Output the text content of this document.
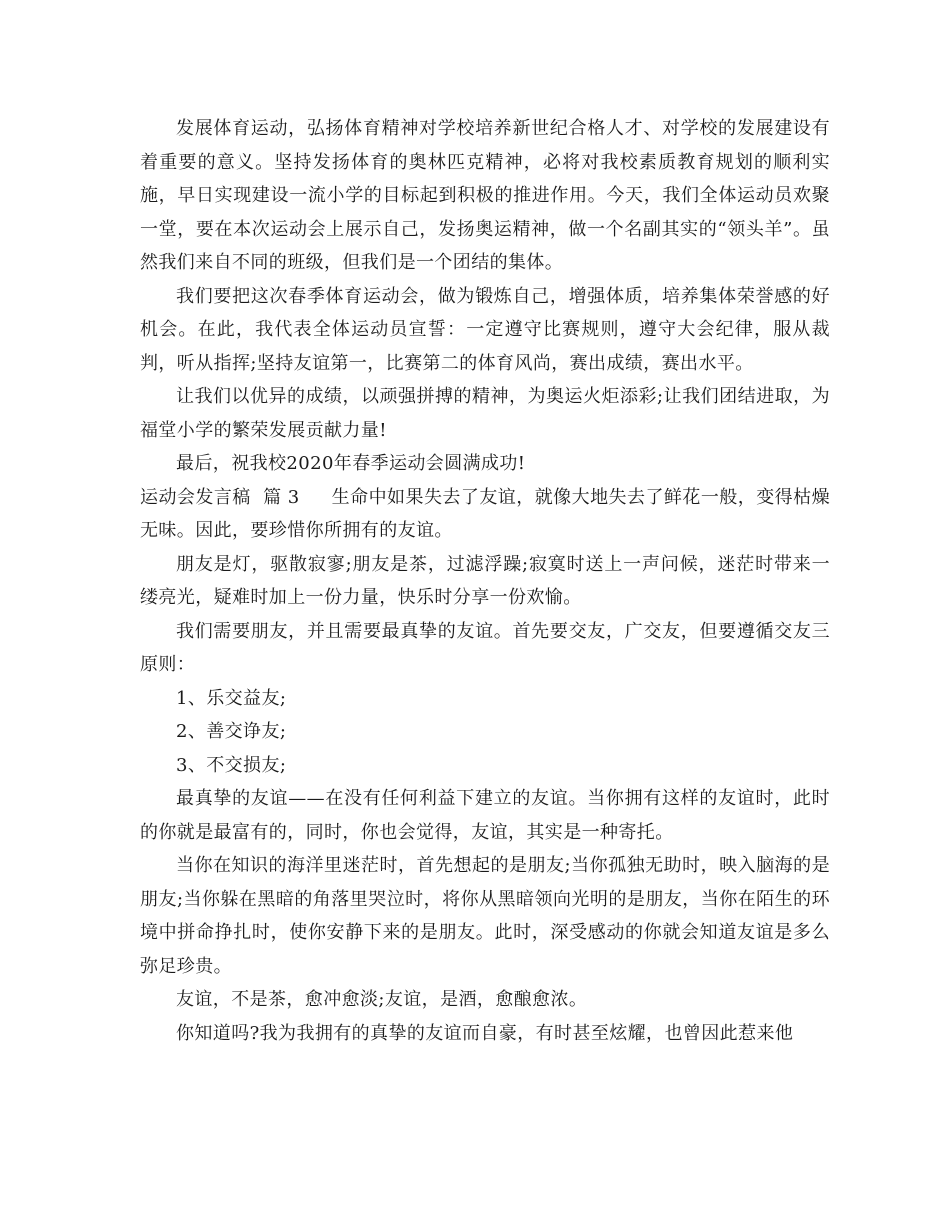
发展体育运动，弘扬体育精神对学校培养新世纪合格人才、对学校的发展建设有着重要的意义。坚持发扬体育的奥林匹克精神，必将对我校素质教育规划的顺利实施，早日实现建设一流小学的目标起到积极的推进作用。今天，我们全体运动员欢聚一堂，要在本次运动会上展示自己，发扬奥运精神，做一个名副其实的“领头羊”。虽然我们来自不同的班级，但我们是一个团结的集体。

我们要把这次春季体育运动会，做为锻炼自己，增强体质，培养集体荣誉感的好机会。在此，我代表全体运动员宣誓：一定遵守比赛规则，遵守大会纪律，服从裁判，听从指挥;坚持友谊第一，比赛第二的体育风尚，赛出成绩，赛出水平。

让我们以优异的成绩，以顽强拼搏的精神，为奥运火炬添彩;让我们团结进取，为福堂小学的繁荣发展贡献力量!

最后，祝我校2020年春季运动会圆满成功!

运动会发言稿  篇 3 生命中如果失去了友谊，就像大地失去了鲜花一般，变得枯燥无味。因此，要珍惜你所拥有的友谊。

朋友是灯，驱散寂寥;朋友是茶，过滤浮躁;寂寞时送上一声问候，迷茫时带来一缕亮光，疑难时加上一份力量，快乐时分享一份欢愉。

我们需要朋友，并且需要最真挚的友谊。首先要交友，广交友，但要遵循交友三原则：

1、乐交益友;

2、善交诤友;

3、不交损友;

最真挚的友谊——在没有任何利益下建立的友谊。当你拥有这样的友谊时，此时的你就是最富有的，同时，你也会觉得，友谊，其实是一种寄托。

当你在知识的海洋里迷茫时，首先想起的是朋友;当你孤独无助时，映入脑海的是朋友;当你躲在黑暗的角落里哭泣时，将你从黑暗领向光明的是朋友，当你在陌生的环境中拼命挣扎时，使你安静下来的是朋友。此时，深受感动的你就会知道友谊是多么弥足珍贵。

友谊，不是茶，愈冲愈淡;友谊，是酒，愈酿愈浓。

你知道吗?我为我拥有的真挚的友谊而自豪，有时甚至炫耀，也曾因此惹来他
